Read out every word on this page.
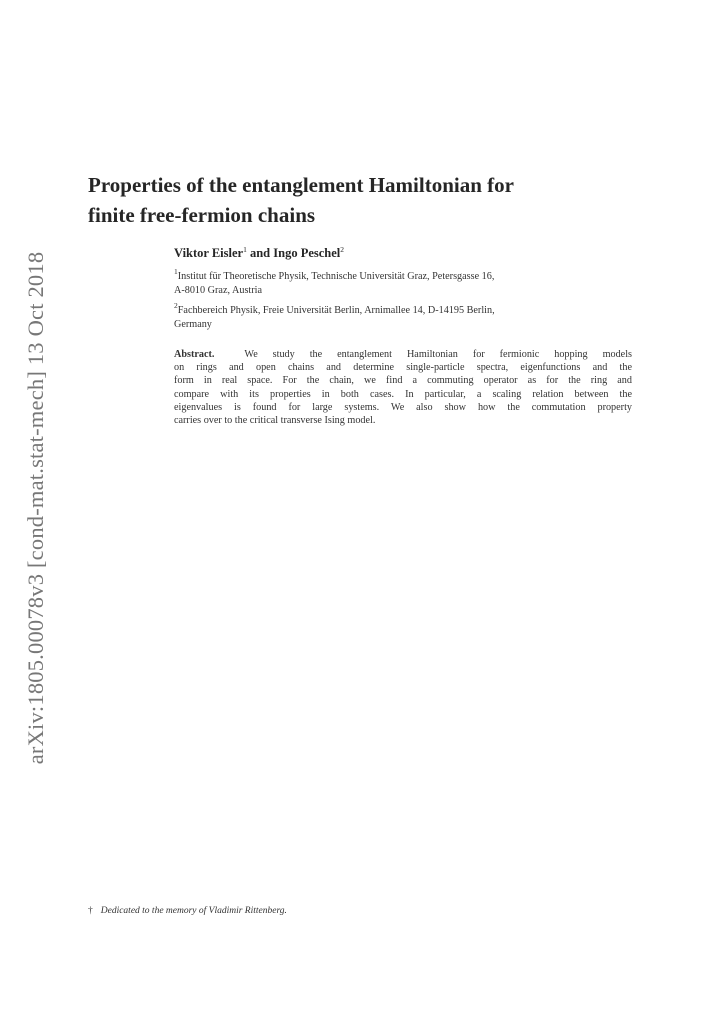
arXiv:1805.00078v3 [cond-mat.stat-mech] 13 Oct 2018
Properties of the entanglement Hamiltonian for
finite free-fermion chains
Viktor Eisler$^1$ and Ingo Peschel$^2$
$^1$Institut für Theoretische Physik, Technische Universität Graz, Petersgasse 16,
A-8010 Graz, Austria
$^2$Fachbereich Physik, Freie Universität Berlin, Arnimallee 14, D-14195 Berlin,
Germany
Abstract.	We study the entanglement Hamiltonian for fermionic hopping models
on rings and open chains and determine single-particle spectra, eigenfunctions and the
form in real space. For the chain, we find a commuting operator as for the ring and
compare with its properties in both cases. In particular, a scaling relation between the
eigenvalues is found for large systems. We also show how the commutation property
carries over to the critical transverse Ising model.
† Dedicated to the memory of Vladimir Rittenberg.
